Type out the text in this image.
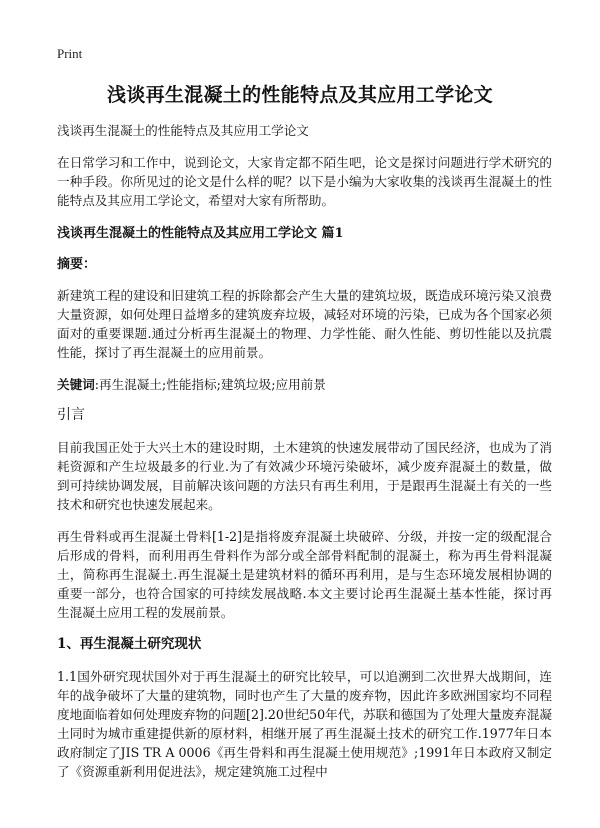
Print
浅谈再生混凝土的性能特点及其应用工学论文

浅谈再生混凝土的性能特点及其应用工学论文

在日常学习和工作中，说到论文，大家肯定都不陌生吧，论文是探讨问题进行学术研究的一种手段。你所见过的论文是什么样的呢？以下是小编为大家收集的浅谈再生混凝土的性能特点及其应用工学论文，希望对大家有所帮助。

浅谈再生混凝土的性能特点及其应用工学论文 篇1

摘要：

新建筑工程的建设和旧建筑工程的拆除都会产生大量的建筑垃圾，既造成环境污染又浪费大量资源，如何处理日益增多的建筑废弃垃圾，减轻对环境的污染，已成为各个国家必须面对的重要课题.通过分析再生混凝土的物理、力学性能、耐久性能、剪切性能以及抗震性能，探讨了再生混凝土的应用前景。

关键词:再生混凝土;性能指标;建筑垃圾;应用前景

引言

目前我国正处于大兴土木的建设时期，土木建筑的快速发展带动了国民经济，也成为了消耗资源和产生垃圾最多的行业.为了有效减少环境污染破坏，减少废弃混凝土的数量，做到可持续协调发展，目前解决该问题的方法只有再生利用，于是跟再生混凝土有关的一些技术和研究也快速发展起来。

再生骨料或再生混凝土骨料[1-2]是指将废弃混凝土块破碎、分级，并按一定的级配混合后形成的骨料，而利用再生骨料作为部分或全部骨料配制的混凝土，称为再生骨料混凝土，简称再生混凝土.再生混凝土是建筑材料的循环再利用，是与生态环境发展相协调的重要一部分，也符合国家的可持续发展战略.本文主要讨论再生混凝土基本性能，探讨再生混凝土应用工程的发展前景。

1、再生混凝土研究现状

1.1国外研究现状国外对于再生混凝土的研究比较早，可以追溯到二次世界大战期间，连年的战争破坏了大量的建筑物，同时也产生了大量的废弃物，因此许多欧洲国家均不同程度地面临着如何处理废弃物的问题[2].20世纪50年代，苏联和德国为了处理大量废弃混凝土同时为城市重建提供新的原材料，相继开展了再生混凝土技术的研究工作.1977年日本政府制定了JIS TR A 0006《再生骨料和再生混凝土使用规范》;1991年日本政府又制定了《资源重新利用促进法》，规定建筑施工过程中
